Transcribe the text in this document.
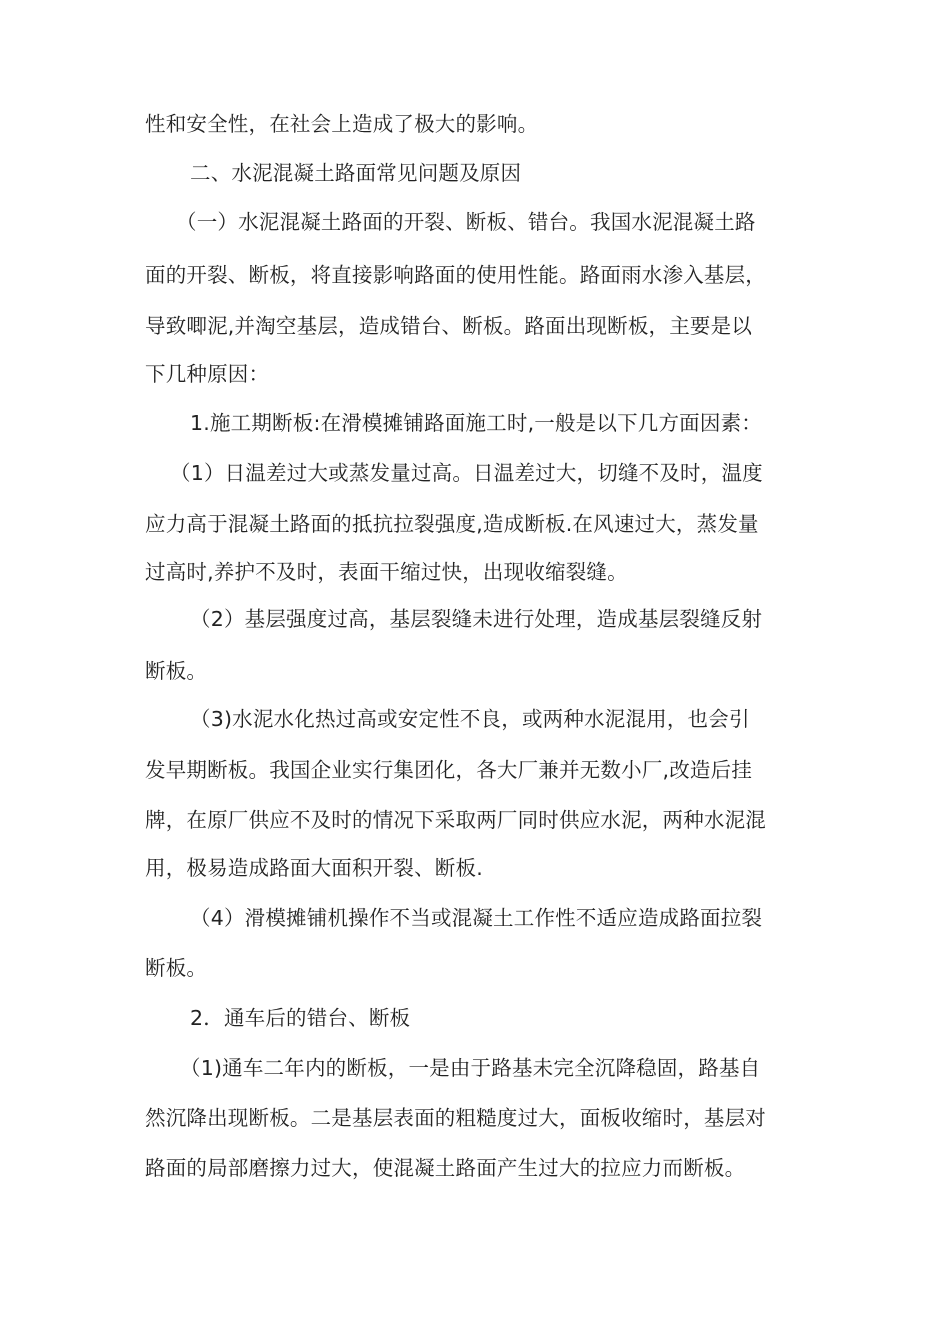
性和安全性，在社会上造成了极大的影响。
二、水泥混凝土路面常见问题及原因
（一）水泥混凝土路面的开裂、断板、错台。我国水泥混凝土路
面的开裂、断板，将直接影响路面的使用性能。路面雨水渗入基层，
导致唧泥,并淘空基层，造成错台、断板。路面出现断板，主要是以
下几种原因：
1.施工期断板:在滑模摊铺路面施工时,一般是以下几方面因素：
（1）日温差过大或蒸发量过高。日温差过大，切缝不及时，温度
应力高于混凝土路面的抵抗拉裂强度,造成断板.在风速过大，蒸发量
过高时,养护不及时，表面干缩过快，出现收缩裂缝。
（2）基层强度过高，基层裂缝未进行处理，造成基层裂缝反射
断板。
（3)水泥水化热过高或安定性不良，或两种水泥混用，也会引
发早期断板。我国企业实行集团化，各大厂兼并无数小厂,改造后挂
牌，在原厂供应不及时的情况下采取两厂同时供应水泥，两种水泥混
用，极易造成路面大面积开裂、断板.
（4）滑模摊铺机操作不当或混凝土工作性不适应造成路面拉裂
断板。
2．通车后的错台、断板
（1)通车二年内的断板，一是由于路基未完全沉降稳固，路基自
然沉降出现断板。二是基层表面的粗糙度过大，面板收缩时，基层对
路面的局部磨擦力过大，使混凝土路面产生过大的拉应力而断板。
